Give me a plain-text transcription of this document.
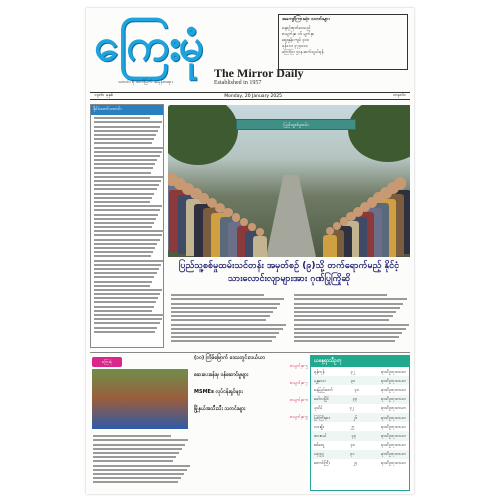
ကြေးမုံ
The Mirror Daily
Established in 1957
သတင်း စုံ ထက်မြက် အမှန်တရား
အကျော်ကြားဆုံး သတင်းများ
နေ့စဉ်ထုတ်ဝေသည်
စာမျက်နှာ ၁၆ မျက်နှာ
ဈေးနှုန်း ကျပ် ၃၀၀
ဖုန်း ၀၁ ၃၇၄၀၁၀
ကြော်ငြာ ဌာန ဆက်သွယ်ရန်
၁၃၈၆ ခုနှစ်	Monday, 20 January 2025	တနင်္လာ
နိုင်ငံတော်သတင်း
ပြည်သူ့စစ်မှုထမ်း
ပြည်သူ့စစ်မှုထမ်းသင်တန်း အမှတ်စဉ် (၉)သို့ တက်ရောက်မည့် နိုင်ငံ့သားလောင်းလျာများအား ဂုဏ်ပြုကြိုဆို
ကြေးမုံ
(၁၀) ကြိမ်မြောက် ဒေသတွင်းလယ်ယာ
စာမျက်နှာ-၅
ဆေးပေးခန်းမှ ဝန်ဆောင်မှုများ
စာမျက်နှာ-၇
MSMEs လုပ်ငန်းရှင်များ
စာမျက်နှာ-၈
မြို့နယ်အသီးသီး သတင်းများ
စာမျက်နှာ-၉
ယနေ့ရာသီဥတု
ရန်ကုန်	၃၂	ရာသီဥတုသာယာ
မန္တလေး	၃၀	ရာသီဥတုသာယာ
နေပြည်တော်	၃၁	ရာသီဥတုသာယာ
မော်လမြိုင်	၃၃	ရာသီဥတုသာယာ
ပုသိမ်	၃၂	ရာသီဥတုသာယာ
မြစ်ကြီးနား	၂၆	ရာသီဥတုသာယာ
လားရှိုး	၂၅	ရာသီဥတုသာယာ
ထားဝယ်	၃၃	ရာသီဥတုသာယာ
စစ်တွေ	၃၀	ရာသီဥတုသာယာ
ပခုက္ကူ	၃၁	ရာသီဥတုသာယာ
တောင်ကြီး	၂၄	ရာသီဥတုသာယာ
